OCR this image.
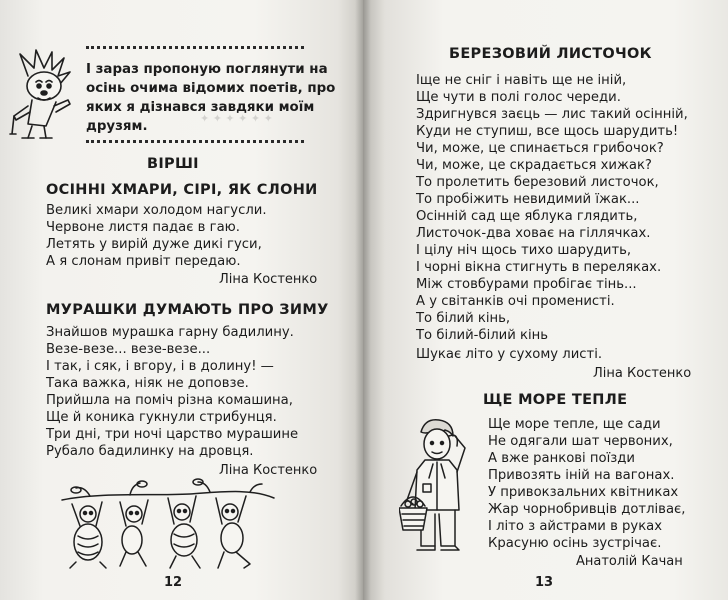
✦ ✦ ✦ ✦ ✦ ✦
І зараз пропоную поглянути на
осінь очима відомих поетів, про
яких я дізнався завдяки моїм
друзям.
ВІРШІ
ОСІННІ ХМАРИ, СІРІ, ЯК СЛОНИ
Великі хмари холодом нагусли.
Червоне листя падає в гаю.
Летять у вирій дуже дикі гуси,
А я слонам привіт передаю.
Ліна Костенко
МУРАШКИ ДУМАЮТЬ ПРО ЗИМУ
Знайшов мурашка гарну бадилину.
Везе-везе... везе-везе...
І так, і сяк, і вгору, і в долину! —
Така важка, ніяк не доповзе.
Прийшла на поміч різна комашина,
Ще й коника гукнули стрибунця.
Три дні, три ночі царство мурашине
Рубало бадилинку на дровця.
Ліна Костенко
12
БЕРЕЗОВИЙ ЛИСТОЧОК
Іще не сніг і навіть ще не іній,
Ще чути в полі голос череди.
Здригнувся заєць — лис такий осінній,
Куди не ступиш, все щось шарудить!
Чи, може, це спинається грибочок?
Чи, може, це скрадається хижак?
То пролетить березовий листочок,
То пробіжить невидимий їжак...
Осінній сад ще яблука глядить,
Листочок-два ховає на гіллячках.
І цілу ніч щось тихо шарудить,
І чорні вікна стигнуть в переляках.
Між стовбурами пробігає тінь...
А у світанків очі променисті.
То білий кінь,
То білий-білий кінь
Шукає літо у сухому листі.
Ліна Костенко
ЩЕ МОРЕ ТЕПЛЕ
Ще море тепле, ще сади
Не одягали шат червоних,
А вже ранкові поїзди
Привозять іній на вагонах.
У привокзальних квітниках
Жар чорнобривців дотліває,
І літо з айстрами в руках
Красуню осінь зустрічає.
Анатолій Качан
13
